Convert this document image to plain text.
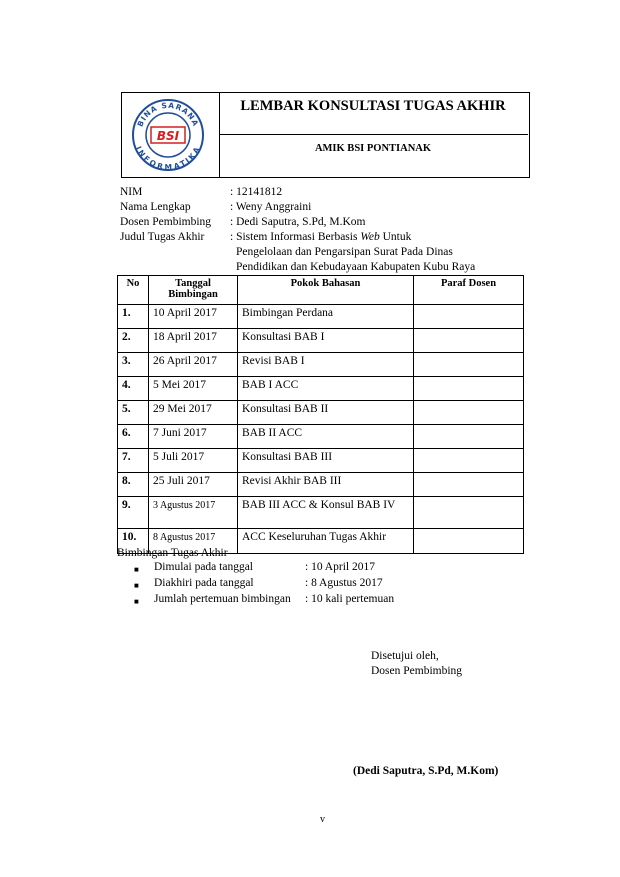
BINA SARANA
INFORMATIKA
BSI
LEMBAR KONSULTASI TUGAS AKHIR
AMIK BSI PONTIANAK
NIM	: 12141812
Nama Lengkap	: Weny Anggraini
Dosen Pembimbing : Dedi Saputra, S.Pd, M.Kom
Judul Tugas Akhir : Sistem Informasi Berbasis Web Untuk
Pengelolaan dan Pengarsipan Surat Pada Dinas
Pendidikan dan Kebudayaan Kabupaten Kubu Raya
No	Tanggal Bimbingan	Pokok Bahasan	Paraf Dosen
1.	10 April 2017	Bimbingan Perdana	
2.	18 April 2017	Konsultasi BAB I	
3.	26 April 2017	Revisi BAB I	
4.	5 Mei 2017	BAB I ACC	
5.	29 Mei 2017	Konsultasi BAB II	
6.	7 Juni 2017	BAB II ACC	
7.	5 Juli 2017	Konsultasi BAB III	
8.	25 Juli 2017	Revisi Akhir BAB III	
9.	3 Agustus 2017	BAB III ACC & Konsul BAB IV	
10.	8 Agustus 2017	ACC Keseluruhan Tugas Akhir	
Bimbingan Tugas Akhir
■ Dimulai pada tanggal	: 10 April 2017
■ Diakhiri pada tanggal	: 8 Agustus 2017
■ Jumlah pertemuan bimbingan : 10 kali pertemuan
Disetujui oleh,
Dosen Pembimbing
(Dedi Saputra, S.Pd, M.Kom)
v
